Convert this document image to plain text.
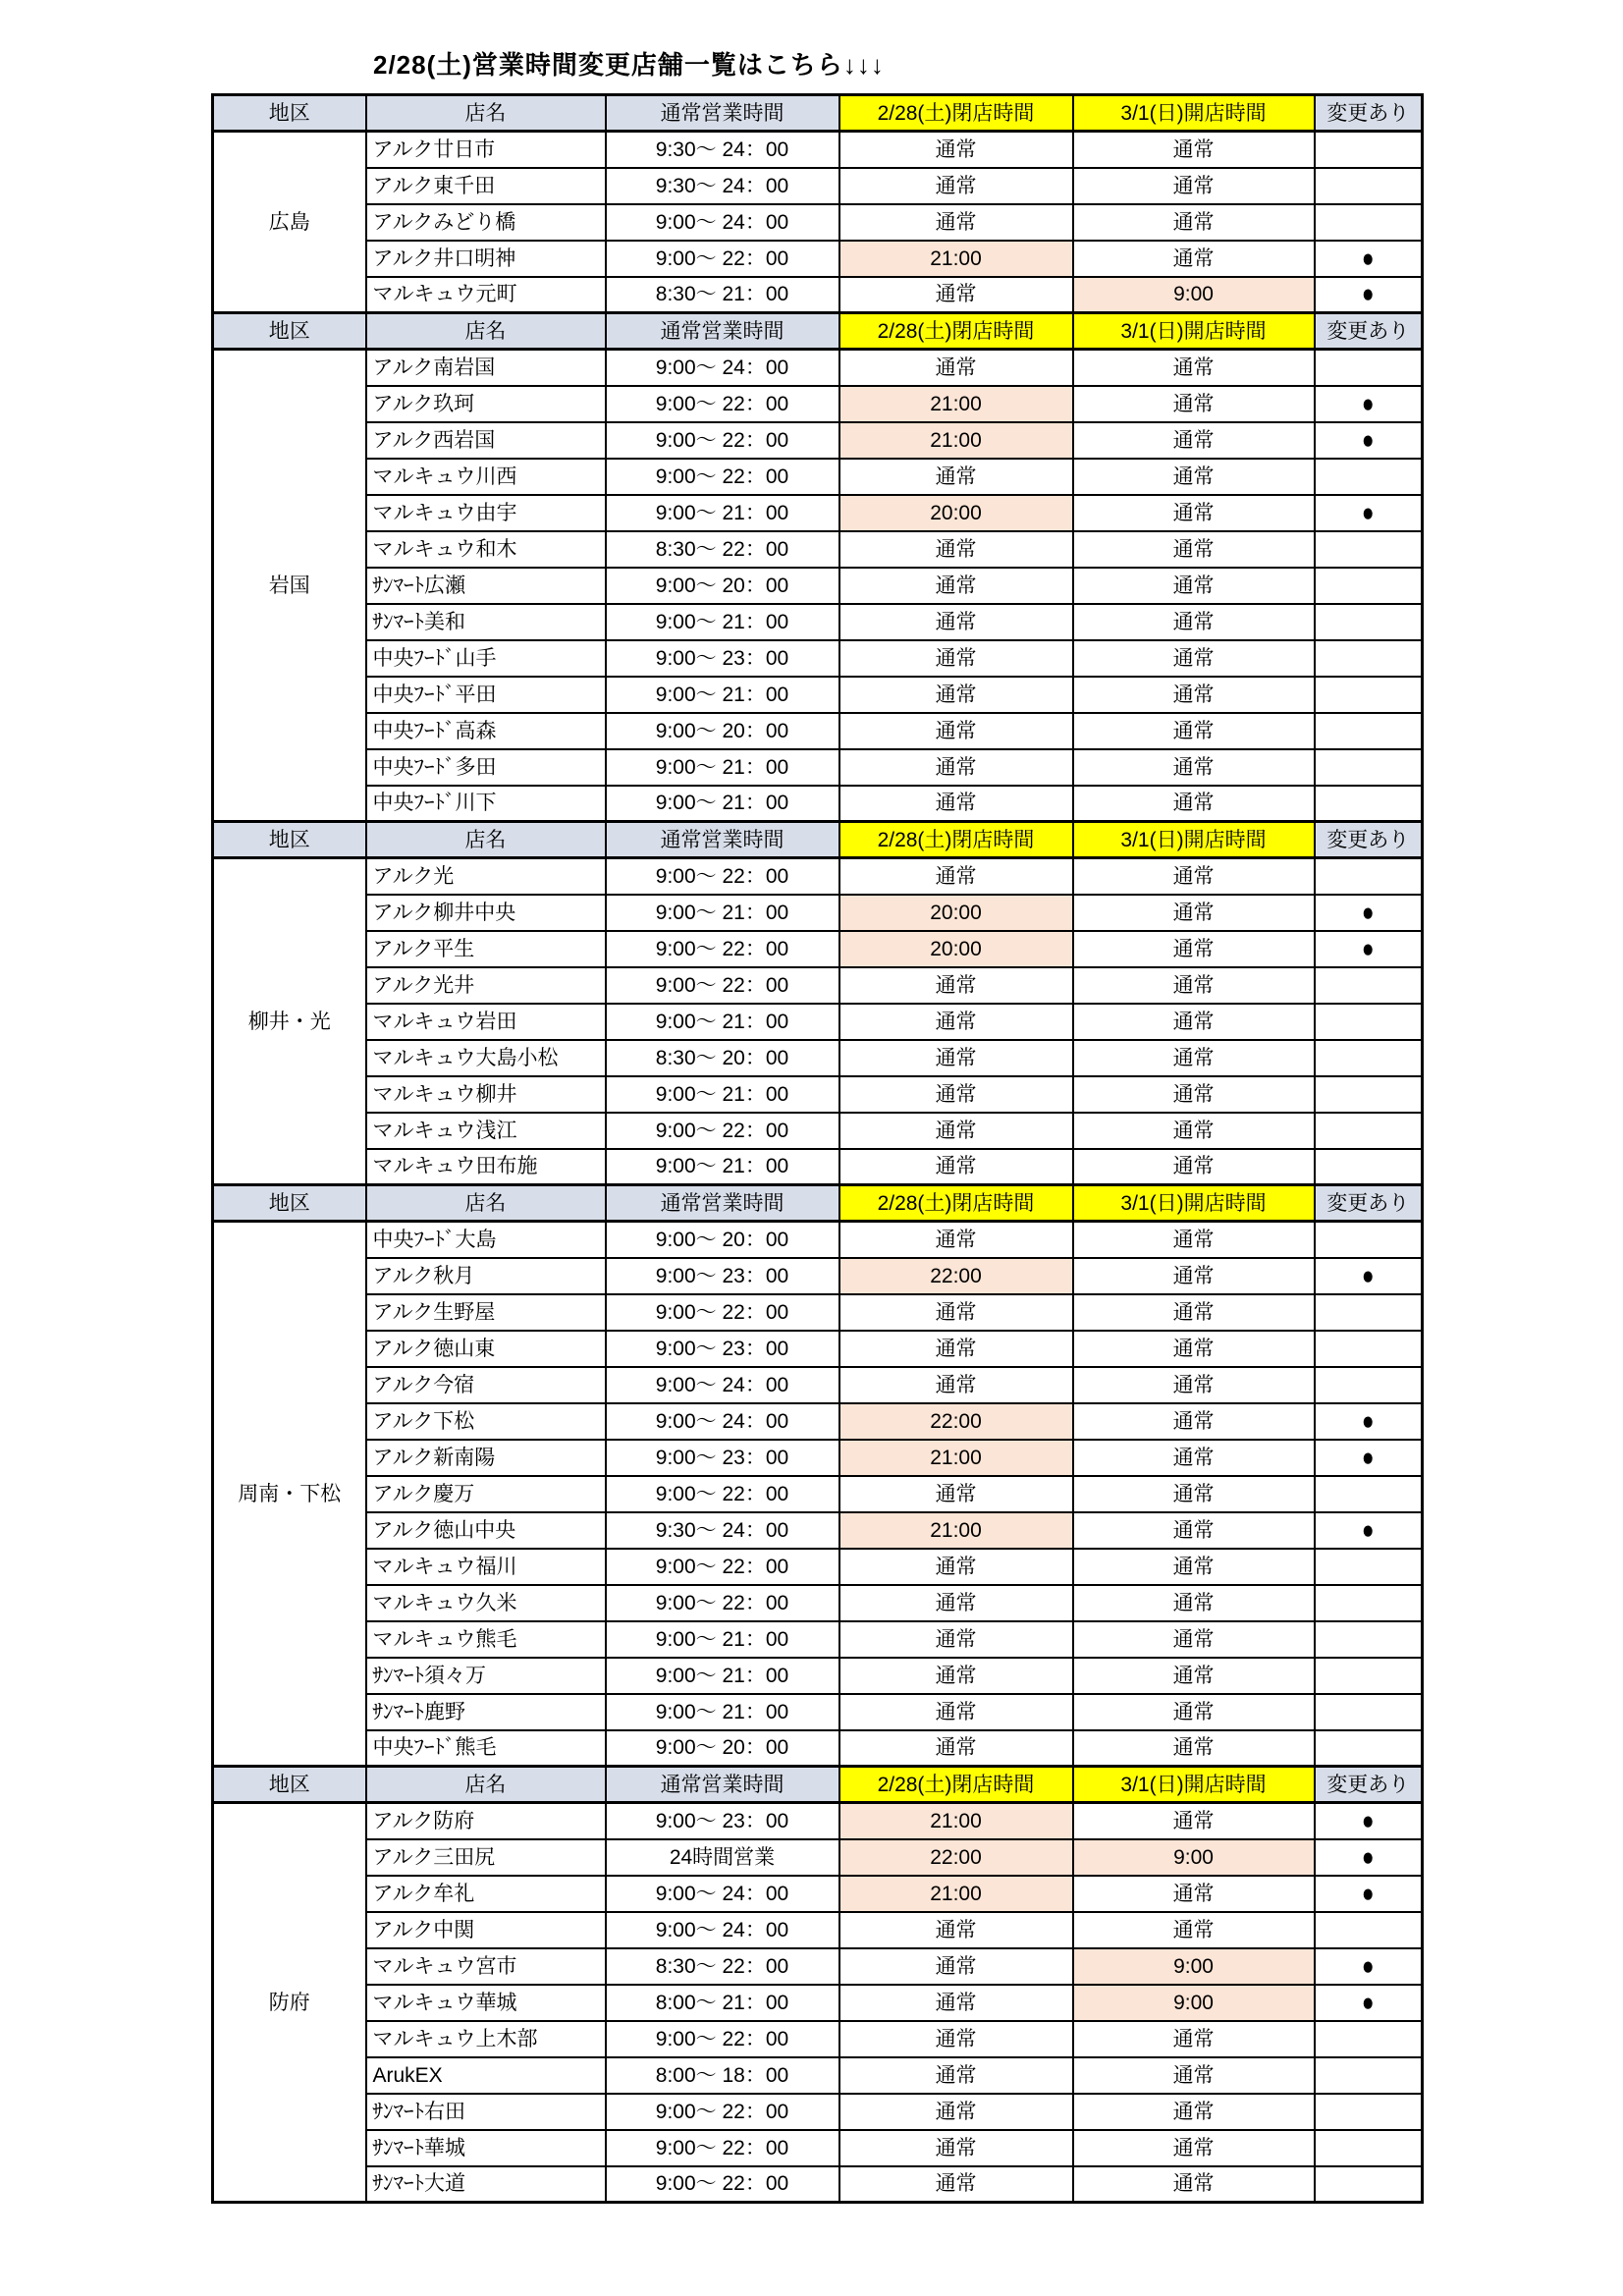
2/28(土)営業時間変更店舗一覧はこちら↓↓↓
地区	店名	通常営業時間	2/28(土)閉店時間	3/1(日)開店時間	変更あり
広島	アルク廿日市	9:30～ 24：00	通常	通常	
	アルク東千田	9:30～ 24：00	通常	通常	
	アルクみどり橋	9:00～ 24：00	通常	通常	
	アルク井口明神	9:00～ 22：00	21:00	通常	●
	マルキュウ元町	8:30～ 21：00	通常	9:00	●
地区	店名	通常営業時間	2/28(土)閉店時間	3/1(日)開店時間	変更あり
岩国	アルク南岩国	9:00～ 24：00	通常	通常	
	アルク玖珂	9:00～ 22：00	21:00	通常	●
	アルク西岩国	9:00～ 22：00	21:00	通常	●
	マルキュウ川西	9:00～ 22：00	通常	通常	
	マルキュウ由宇	9:00～ 21：00	20:00	通常	●
	マルキュウ和木	8:30～ 22：00	通常	通常	
	ｻﾝﾏｰﾄ広瀬	9:00～ 20：00	通常	通常	
	ｻﾝﾏｰﾄ美和	9:00～ 21：00	通常	通常	
	中央ﾌｰﾄﾞ山手	9:00～ 23：00	通常	通常	
	中央ﾌｰﾄﾞ平田	9:00～ 21：00	通常	通常	
	中央ﾌｰﾄﾞ高森	9:00～ 20：00	通常	通常	
	中央ﾌｰﾄﾞ多田	9:00～ 21：00	通常	通常	
	中央ﾌｰﾄﾞ川下	9:00～ 21：00	通常	通常	
地区	店名	通常営業時間	2/28(土)閉店時間	3/1(日)開店時間	変更あり
柳井・光	アルク光	9:00～ 22：00	通常	通常	
	アルク柳井中央	9:00～ 21：00	20:00	通常	●
	アルク平生	9:00～ 22：00	20:00	通常	●
	アルク光井	9:00～ 22：00	通常	通常	
	マルキュウ岩田	9:00～ 21：00	通常	通常	
	マルキュウ大島小松	8:30～ 20：00	通常	通常	
	マルキュウ柳井	9:00～ 21：00	通常	通常	
	マルキュウ浅江	9:00～ 22：00	通常	通常	
	マルキュウ田布施	9:00～ 21：00	通常	通常	
地区	店名	通常営業時間	2/28(土)閉店時間	3/1(日)開店時間	変更あり
周南・下松	中央ﾌｰﾄﾞ大島	9:00～ 20：00	通常	通常	
	アルク秋月	9:00～ 23：00	22:00	通常	●
	アルク生野屋	9:00～ 22：00	通常	通常	
	アルク徳山東	9:00～ 23：00	通常	通常	
	アルク今宿	9:00～ 24：00	通常	通常	
	アルク下松	9:00～ 24：00	22:00	通常	●
	アルク新南陽	9:00～ 23：00	21:00	通常	●
	アルク慶万	9:00～ 22：00	通常	通常	
	アルク徳山中央	9:30～ 24：00	21:00	通常	●
	マルキュウ福川	9:00～ 22：00	通常	通常	
	マルキュウ久米	9:00～ 22：00	通常	通常	
	マルキュウ熊毛	9:00～ 21：00	通常	通常	
	ｻﾝﾏｰﾄ須々万	9:00～ 21：00	通常	通常	
	ｻﾝﾏｰﾄ鹿野	9:00～ 21：00	通常	通常	
	中央ﾌｰﾄﾞ熊毛	9:00～ 20：00	通常	通常	
地区	店名	通常営業時間	2/28(土)閉店時間	3/1(日)開店時間	変更あり
防府	アルク防府	9:00～ 23：00	21:00	通常	●
	アルク三田尻	24時間営業	22:00	9:00	●
	アルク牟礼	9:00～ 24：00	21:00	通常	●
	アルク中関	9:00～ 24：00	通常	通常	
	マルキュウ宮市	8:30～ 22：00	通常	9:00	●
	マルキュウ華城	8:00～ 21：00	通常	9:00	●
	マルキュウ上木部	9:00～ 22：00	通常	通常	
	ArukEX	8:00～ 18：00	通常	通常	
	ｻﾝﾏｰﾄ右田	9:00～ 22：00	通常	通常	
	ｻﾝﾏｰﾄ華城	9:00～ 22：00	通常	通常	
	ｻﾝﾏｰﾄ大道	9:00～ 22：00	通常	通常	
